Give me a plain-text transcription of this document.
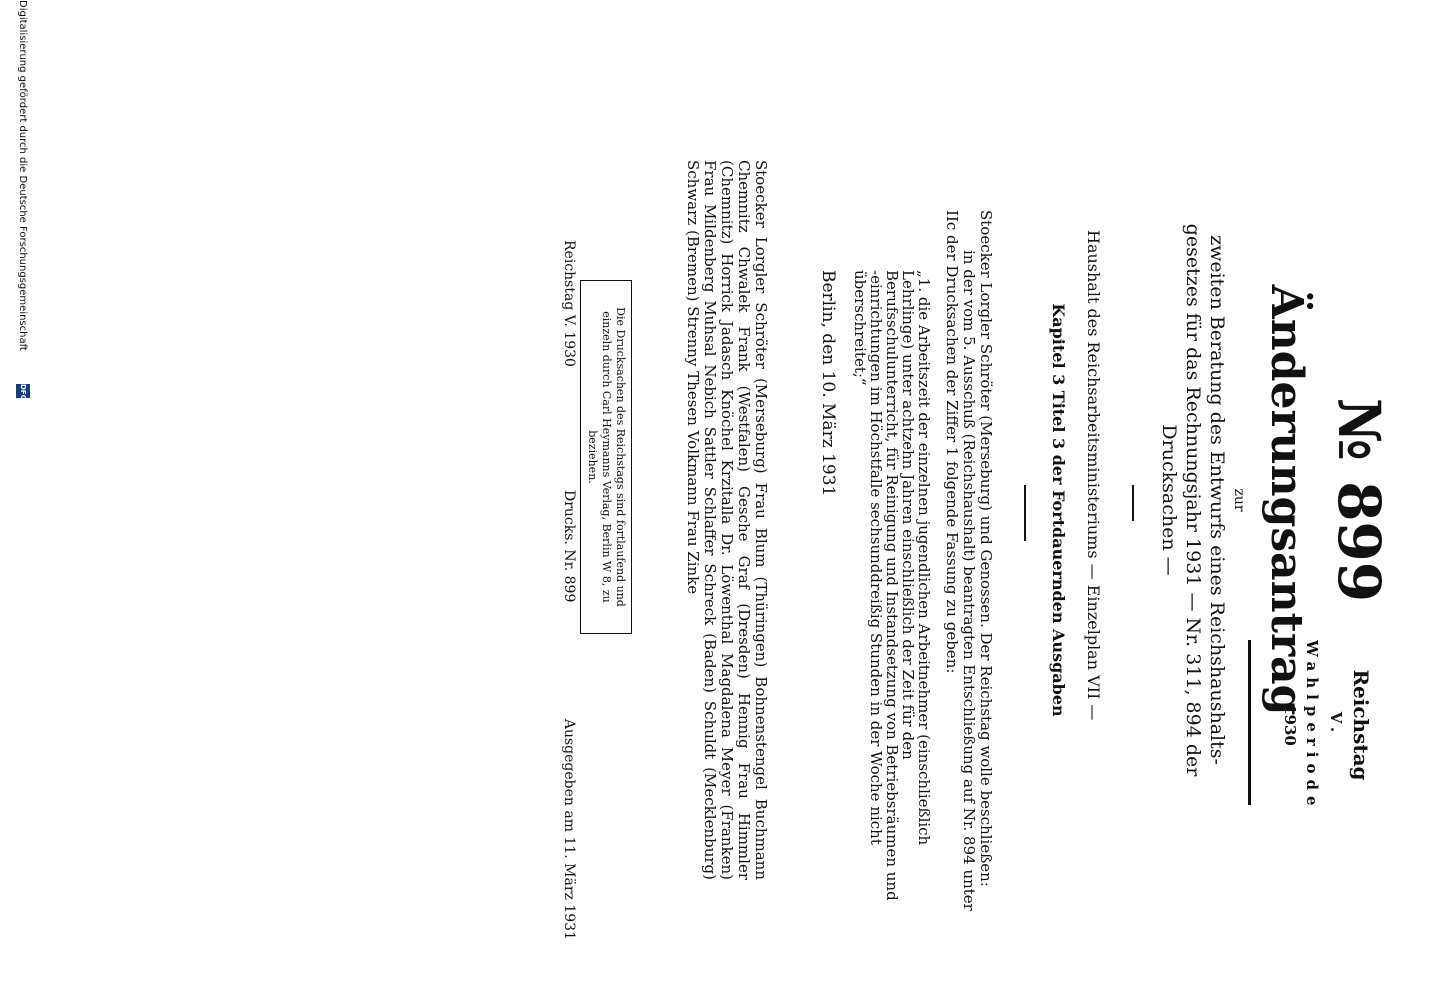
Reichstag
V. Wahlperiode
1930
№ 899
Änderungsantrag
zur
zweiten Beratung des Entwurfs eines Reichshaushalts-gesetzes für das Rechnungsjahr 1931 — Nr. 311, 894 der Drucksachen —
Haushalt des Reichsarbeitsministeriums — Einzelplan VII —
Kapitel 3 Titel 3 der Fortdauernden Ausgaben
Stoecker Lorgler Schröter (Merseburg) und Genossen. Der Reichstag wolle beschließen:
in der vom 5. Ausschuß (Reichshaushalt) beantragten Entschließung auf Nr. 894 unter IIc der Drucksachen der Ziffer 1 folgende Fassung zu geben:
„1. die Arbeitszeit der einzelnen jugendlichen Arbeitnehmer (einschließlich Lehrlinge) unter achtzehn Jahren einschließlich der Zeit für den Berufsschulunterricht, für Reinigung und Instandsetzung von Betriebsräumen und -einrichtungen im Höchstfalle sechsunddreißig Stunden in der Woche nicht überschreitet;“
Berlin, den 10. März 1931
Stoecker Lorgler Schröter (Merseburg) Frau Blum (Thüringen) Bohnenstengel Buchmann Chemnitz Chwalek Frank (Westfalen) Gesche Graf (Dresden) Hennig Frau Himmler (Chemnitz) Horrick Jadasch Knöchel Krzitalla Dr. Löwenthal Magdalena Meyer (Franken) Frau Mildenberg Muhsal Nebich Sattler Schlaffer Schreck (Baden) Schuldt (Mecklenburg) Schwarz (Bremen) Strenny Thesen Volkmann Frau Zinke
Die Drucksachen des Reichstags sind fortlaufend und einzeln durch Carl Heymanns Verlag, Berlin W 8, zu beziehen.
Reichstag V. 1930
Drucks. Nr. 899
Ausgegeben am 11. März 1931
Digitalisierung gefördert durch die Deutsche Forschungsgemeinschaft
DFG
